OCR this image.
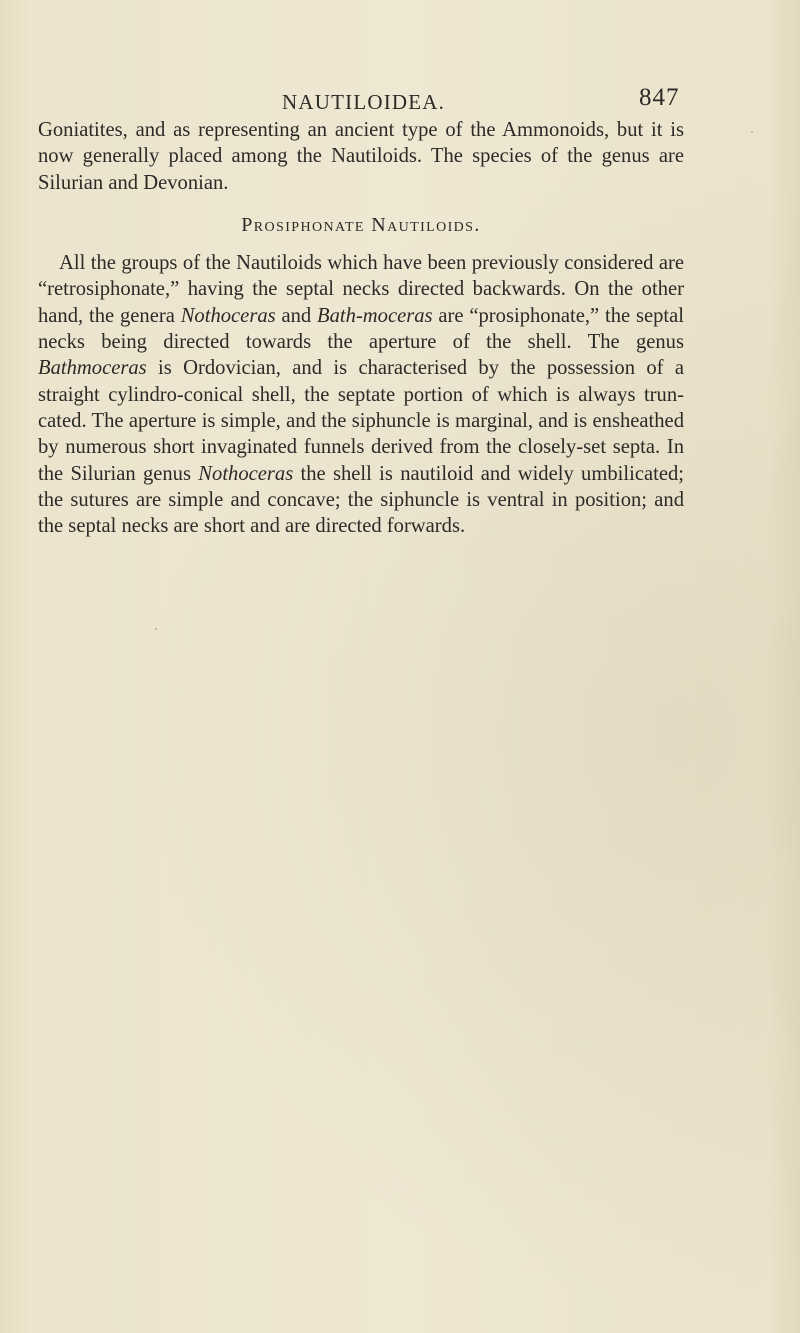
NAUTILOIDEA.	847

Goniatites, and as representing an ancient type of the Ammonoids, but it is now generally placed among the Nautiloids. The species of the genus are Silurian and Devonian.

Prosiphonate Nautiloids.

All the groups of the Nautiloids which have been previously considered are “retrosiphonate,” having the septal necks directed backwards. On the other hand, the genera Nothoceras and Bath-moceras are “prosiphonate,” the septal necks being directed towards the aperture of the shell. The genus Bathmoceras is Ordovician, and is characterised by the possession of a straight cylindro-conical shell, the septate portion of which is always trun-cated. The aperture is simple, and the siphuncle is marginal, and is ensheathed by numerous short invaginated funnels derived from the closely-set septa. In the Silurian genus Nothoceras the shell is nautiloid and widely umbilicated; the sutures are simple and concave; the siphuncle is ventral in position; and the septal necks are short and are directed forwards.
